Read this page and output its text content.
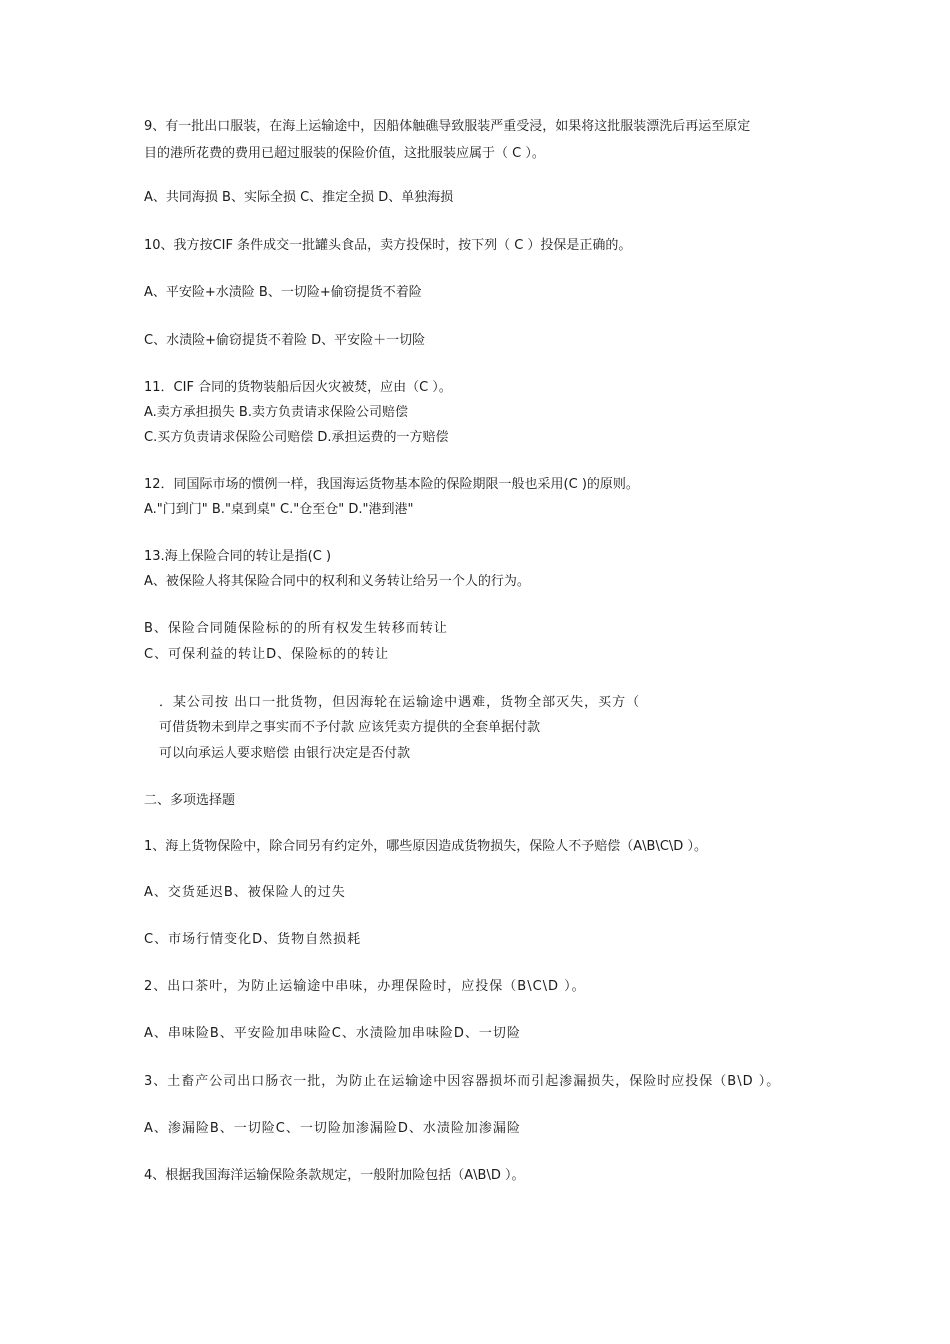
9、有一批出口服装，在海上运输途中，因船体触礁导致服装严重受浸，如果将这批服装漂洗后再运至原定
目的港所花费的费用已超过服装的保险价值，这批服装应属于（ C ）。
A、共同海损 B、实际全损 C、推定全损 D、单独海损
10、我方按CIF 条件成交一批罐头食品，卖方投保时，按下列（ C ）投保是正确的。
A、平安险+水渍险 B、一切险+偷窃提货不着险
C、水渍险+偷窃提货不着险 D、平安险＋一切险
11．CIF 合同的货物装船后因火灾被焚，应由（C ）。
A.卖方承担损失 B.卖方负责请求保险公司赔偿
C.买方负责请求保险公司赔偿 D.承担运费的一方赔偿
12．同国际市场的惯例一样，我国海运货物基本险的保险期限一般也采用(C )的原则。
A."门到门" B."桌到桌" C."仓至仓" D."港到港"
13.海上保险合同的转让是指(C )
A、被保险人将其保险合同中的权利和义务转让给另一个人的行为。
B、保险合同随保险标的的所有权发生转移而转让
C、可保利益的转让D、保险标的的转让
．某公司按 出口一批货物，但因海轮在运输途中遇难，货物全部灭失，买方（
可借货物未到岸之事实而不予付款 应该凭卖方提供的全套单据付款
可以向承运人要求赔偿 由银行决定是否付款
二、多项选择题
1、海上货物保险中，除合同另有约定外，哪些原因造成货物损失，保险人不予赔偿（A\B\C\D ）。
A、交货延迟B、被保险人的过失
C、市场行情变化D、货物自然损耗
2、出口茶叶，为防止运输途中串味，办理保险时，应投保（B\C\D ）。
A、串味险B、平安险加串味险C、水渍险加串味险D、一切险
3、土畜产公司出口肠衣一批，为防止在运输途中因容器损坏而引起渗漏损失，保险时应投保（B\D ）。
A、渗漏险B、一切险C、一切险加渗漏险D、水渍险加渗漏险
4、根据我国海洋运输保险条款规定，一般附加险包括（A\B\D ）。
